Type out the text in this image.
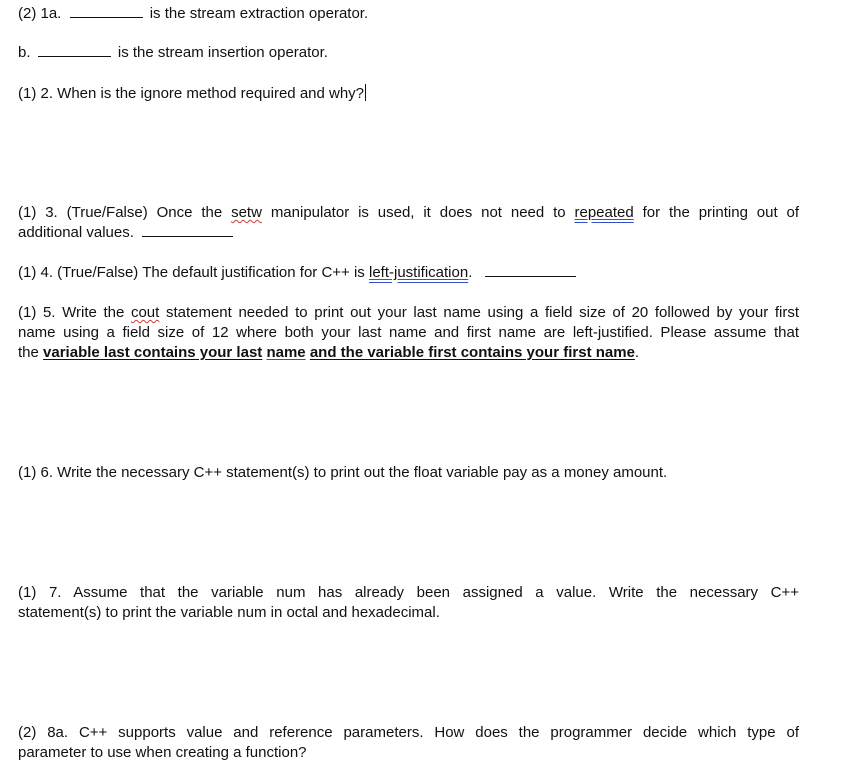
(2) 1a.	is the stream extraction operator.
b.	is the stream insertion operator.
(1) 2. When is the ignore method required and why?
(1) 3. (True/False) Once the setw manipulator is used, it does not need to repeated for the printing out of
additional values.
(1) 4. (True/False) The default justification for C++ is left-justification.
(1) 5. Write the cout statement needed to print out your last name using a field size of 20 followed by your first
name using a field size of 12 where both your last name and first name are left-justified. Please assume that
the variable last contains your last name and the variable first contains your first name.
(1) 6. Write the necessary C++ statement(s) to print out the float variable pay as a money amount.
(1) 7. Assume that the variable num has already been assigned a value. Write the necessary C++
statement(s) to print the variable num in octal and hexadecimal.
(2) 8a. C++ supports value and reference parameters. How does the programmer decide which type of
parameter to use when creating a function?
